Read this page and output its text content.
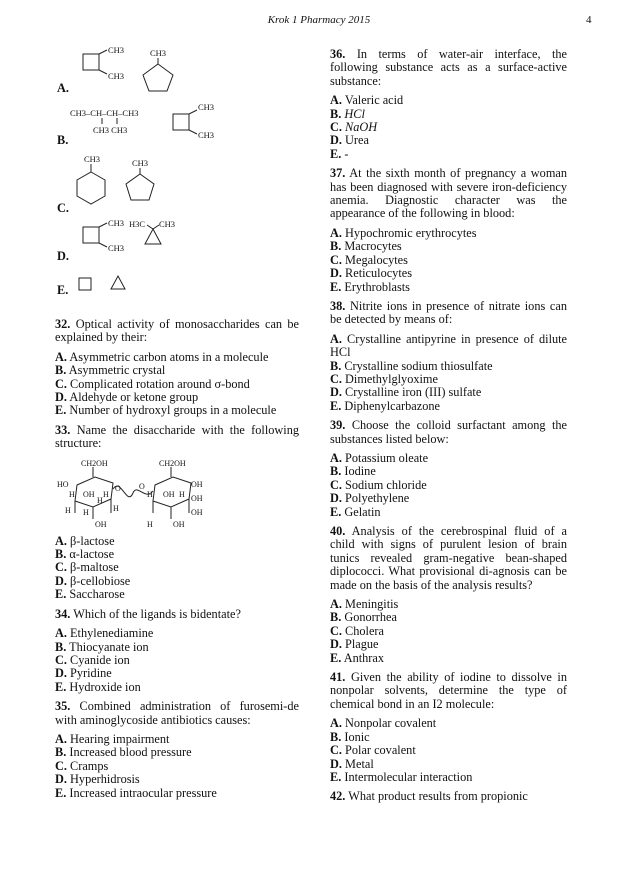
Krok 1 Pharmacy 2015	4
CH3
CH3
CH3
CH3–CH–CH–CH3
CH3 CH3
CH3
CH3
CH3	CH3
CH3
CH3
H3C CH3
A.
B.
C.
D.
E.
32. Optical activity of monosaccharides can be explained by their:
A. Asymmetric carbon atoms in a molecule
B. Asymmetric crystal
C. Complicated rotation around σ-bond
D. Aldehyde or ketone group
E. Number of hydroxyl groups in a molecule
33. Name the disaccharide with the following structure:
CH2OH	CH2OH
HO
H OH H
O O	OH
H OH H OH
H
H H
OH
H
OH
H
OH
A. β-lactose
B. α-lactose
C. β-maltose
D. β-cellobiose
E. Saccharose
34. Which of the ligands is bidentate?
A. Ethylenediamine
B. Thiocyanate ion
C. Cyanide ion
D. Pyridine
E. Hydroxide ion
35. Combined administration of furosemi-de with aminoglycoside antibiotics causes:
A. Hearing impairment
B. Increased blood pressure
C. Cramps
D. Hyperhidrosis
E. Increased intraocular pressure
36. In terms of water-air interface, the following substance acts as a surface-active substance:
A. Valeric acid
B. HCl
C. NaOH
D. Urea
E. -
37. At the sixth month of pregnancy a woman has been diagnosed with severe iron-deficiency anemia. Diagnostic character was the appearance of the following in blood:
A. Hypochromic erythrocytes
B. Macrocytes
C. Megalocytes
D. Reticulocytes
E. Erythroblasts
38. Nitrite ions in presence of nitrate ions can be detected by means of:
A. Crystalline antipyrine in presence of dilute HCl
B. Crystalline sodium thiosulfate
C. Dimethylglyoxime
D. Crystalline iron (III) sulfate
E. Diphenylcarbazone
39. Choose the colloid surfactant among the substances listed below:
A. Potassium oleate
B. Iodine
C. Sodium chloride
D. Polyethylene
E. Gelatin
40. Analysis of the cerebrospinal fluid of a child with signs of purulent lesion of brain tunics revealed gram-negative bean-shaped diplococci. What provisional di-agnosis can be made on the basis of the analysis results?
A. Meningitis
B. Gonorrhea
C. Cholera
D. Plague
E. Anthrax
41. Given the ability of iodine to dissolve in nonpolar solvents, determine the type of chemical bond in an I2 molecule:
A. Nonpolar covalent
B. Ionic
C. Polar covalent
D. Metal
E. Intermolecular interaction
42. What product results from propionic
